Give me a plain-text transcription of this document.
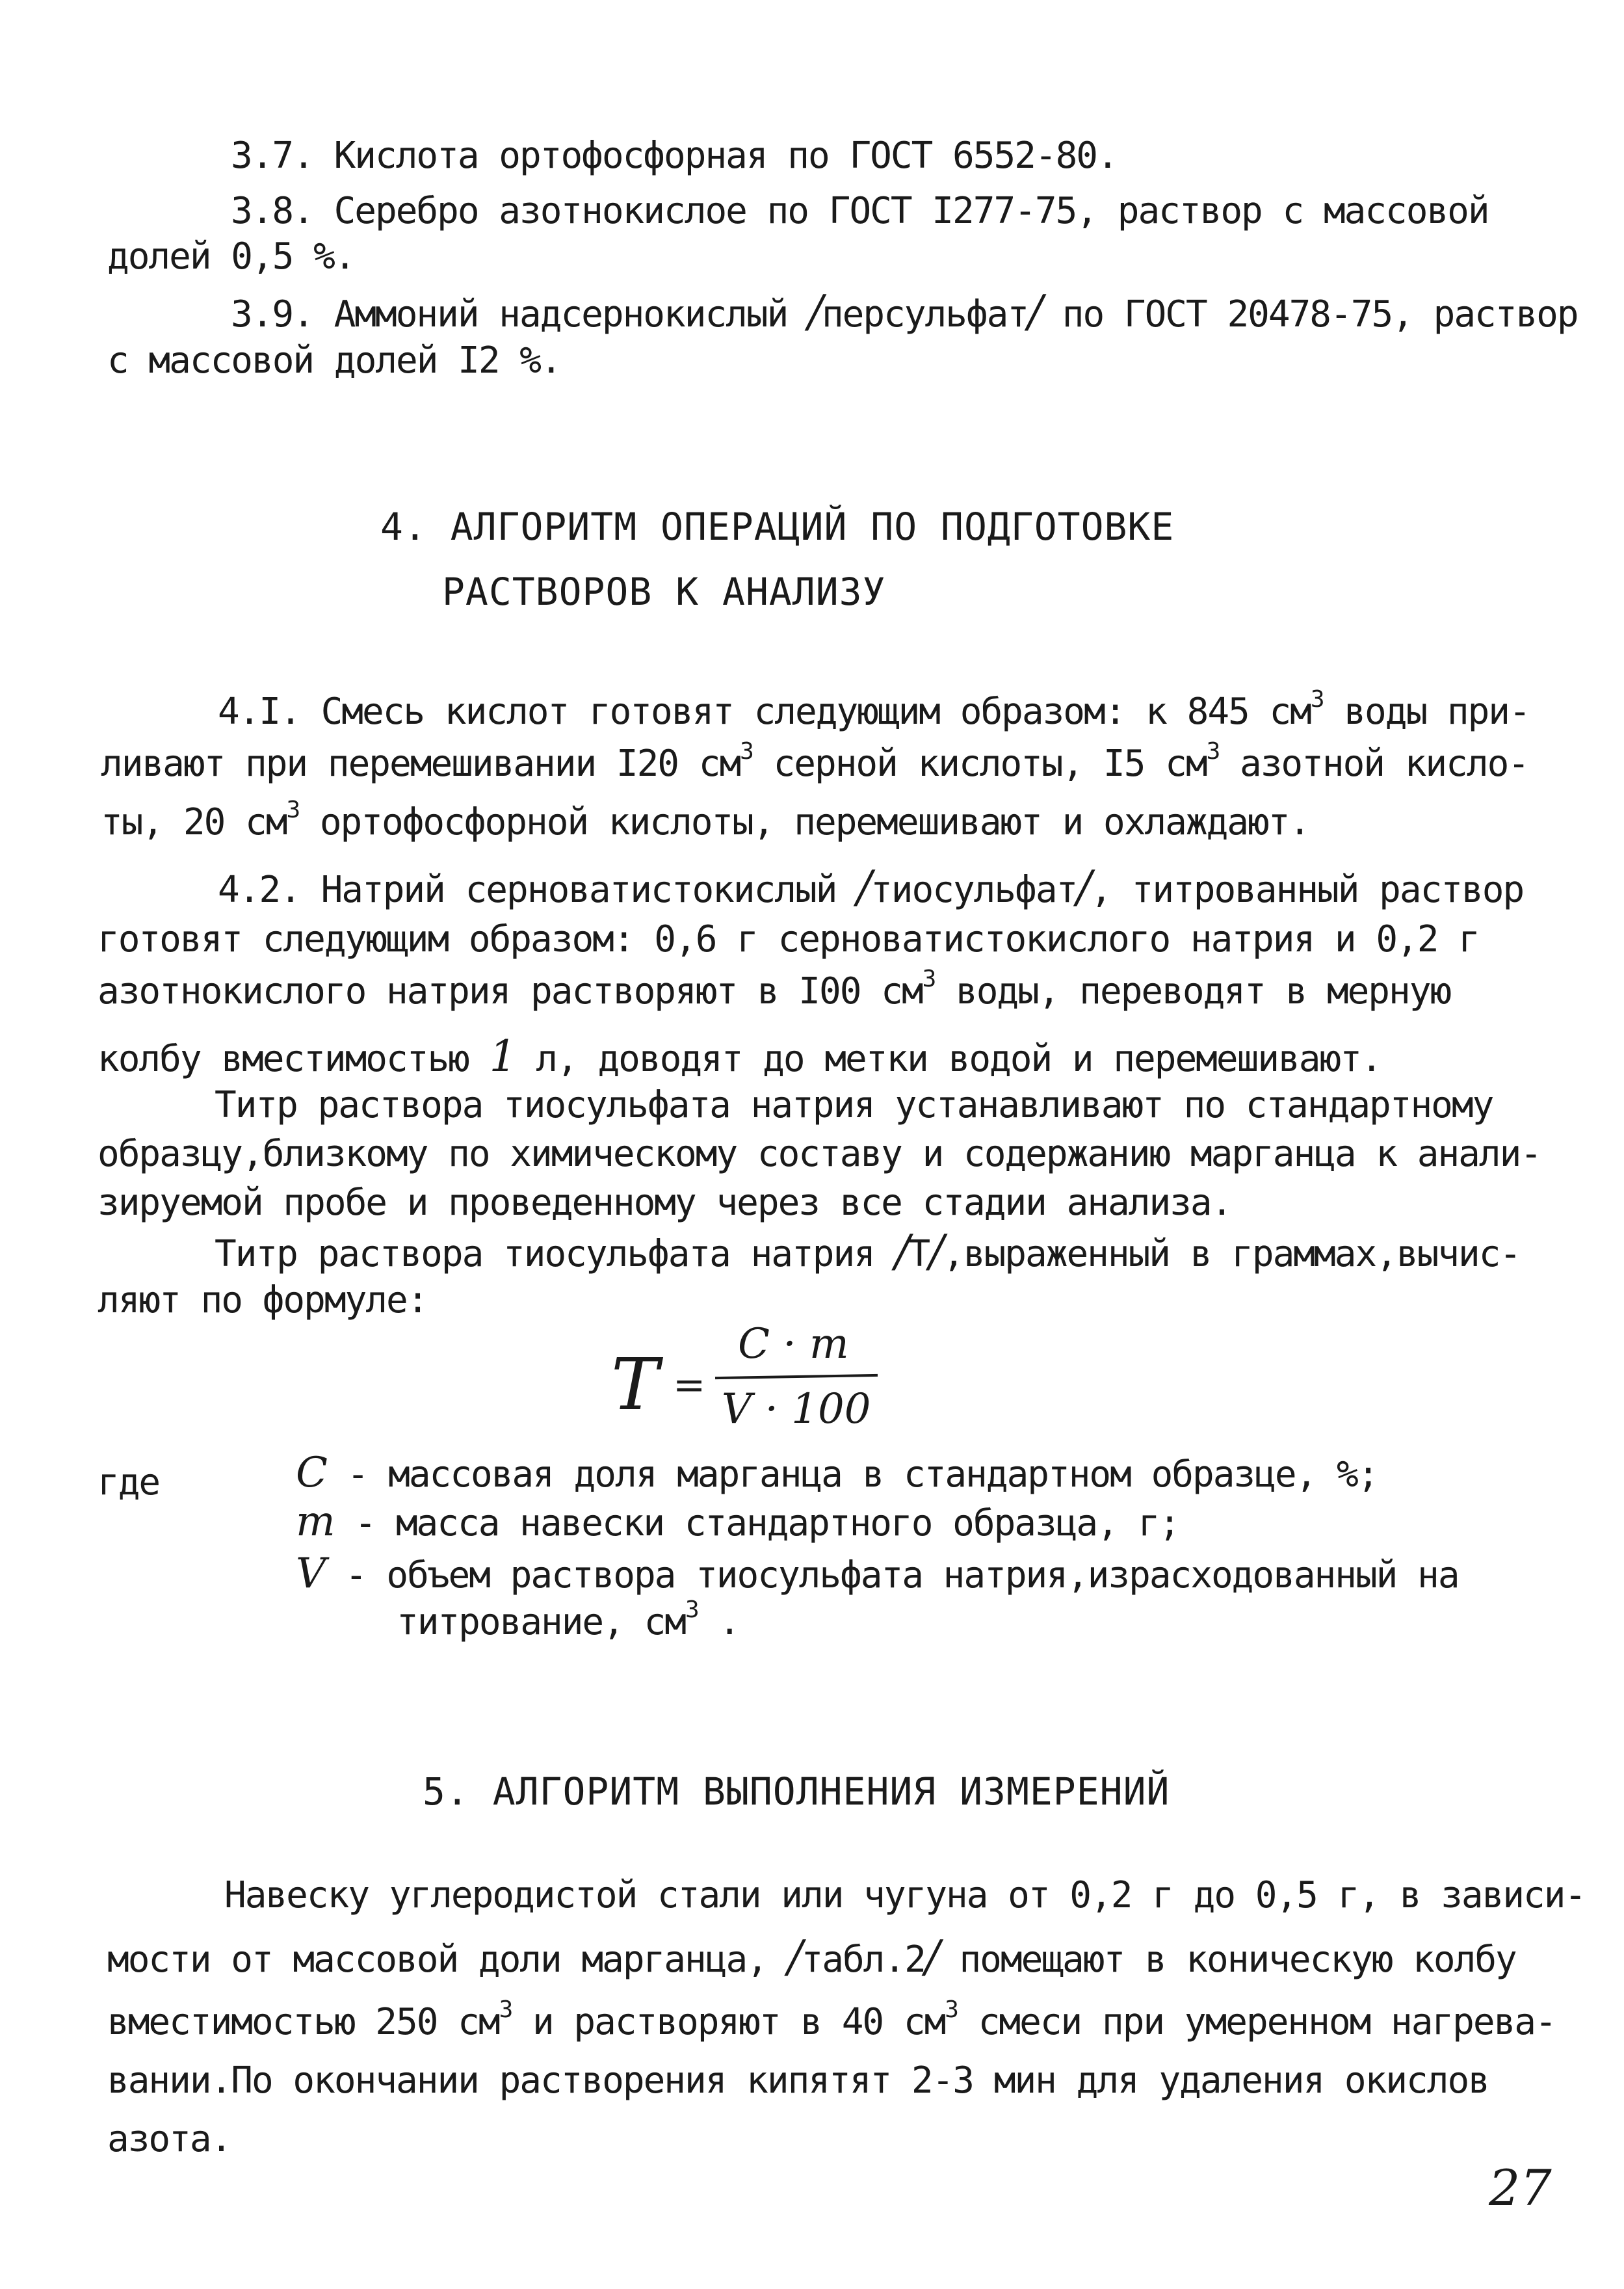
3.7. Кислота ортофосфорная по ГОСТ 6552-80.
3.8. Серебро азотнокислое по ГОСТ I277-75, раствор с массовой
долей 0,5 %.
3.9. Аммоний надсернокислый /персульфат/ по ГОСТ 20478-75, раствор
с массовой долей I2 %.
4. АЛГОРИТМ ОПЕРАЦИЙ ПО ПОДГОТОВКЕ
РАСТВОРОВ К АНАЛИЗУ
4.I. Смесь кислот готовят следующим образом: к 845 $см^3$ воды при-
ливают при перемешивании I20 $см^3$ серной кислоты, I5 $см^3$ азотной кисло-
ты, 20 $см^3$ ортофосфорной кислоты, перемешивают и охлаждают.
4.2. Натрий серноватистокислый /тиосульфат/, титрованный раствор
готовят следующим образом: 0,6 г серноватистокислого натрия и 0,2 г
азотнокислого натрия растворяют в I00 $см^3$ воды, переводят в мерную
колбу вместимостью 1 л, доводят до метки водой и перемешивают.
Титр раствора тиосульфата натрия устанавливают по стандартному
образцу,близкому по химическому составу и содержанию марганца к анали-
зируемой пробе и проведенному через все стадии анализа.
Титр раствора тиосульфата натрия /Т/,выраженный в граммах,вычис-
ляют по формуле:
T =
C · m
V · 100
где	C - массовая доля марганца в стандартном образце, %;
m - масса навески стандартного образца, г;
V - объем раствора тиосульфата натрия,израсходованный на
титрование, $см^3$ .
5. АЛГОРИТМ ВЫПОЛНЕНИЯ ИЗМЕРЕНИЙ
Навеску углеродистой стали или чугуна от 0,2 г до 0,5 г, в зависи-
мости от массовой доли марганца, /табл.2/ помещают в коническую колбу
вместимостью 250 $см^3$ и растворяют в 40 $см^3$ смеси при умеренном нагрева-
вании.По окончании растворения кипятят 2-3 мин для удаления окислов
азота.
27
